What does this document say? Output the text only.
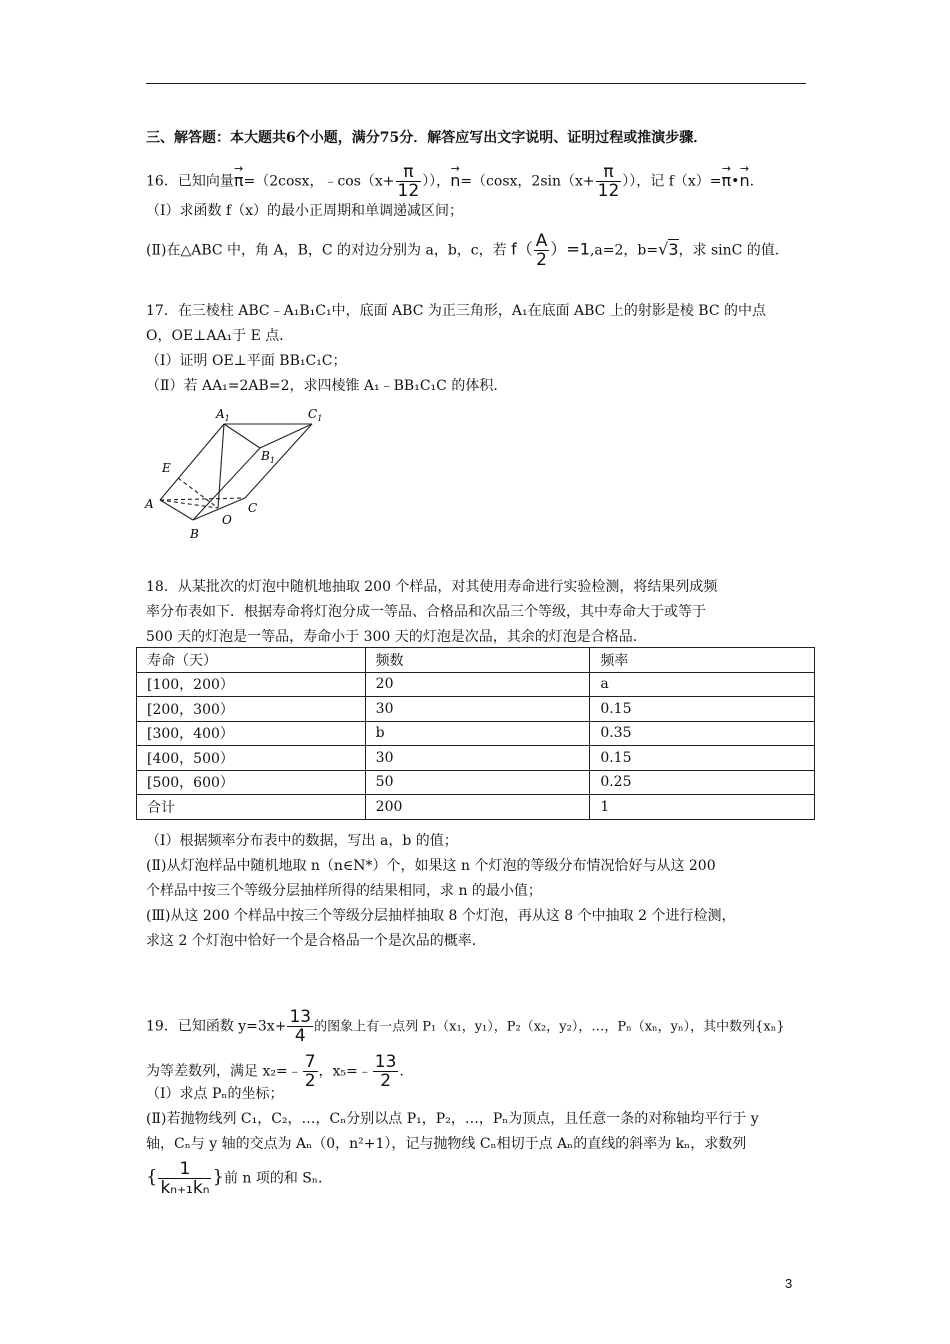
三、解答题：本大题共6个小题，满分75分．解答应写出文字说明、证明过程或推演步骤．
16．已知向量→ π=（2cosx，﹣cos（x+ $\frac{\pi}{12}$ ）），→ n=（cosx，$2\sin(x+ \frac{\pi}{12}$ ）），记 f（x）=→ π•→ n.
（Ⅰ）求函数 f（x）的最小正周期和单调递减区间；
(Ⅱ)在△ABC 中，角 A，B，C 的对边分别为 a，b，c，若 $f( \frac{A}{2} )=1,a=2$，b=√3，求 sinC 的值.
17．在三棱柱 ABC﹣A₁B₁C₁中，底面 ABC 为正三角形，A₁在底面 ABC 上的射影是棱 BC 的中点
O，OE⊥AA₁于 E 点．
（Ⅰ）证明 OE⊥平面 BB₁C₁C；
（Ⅱ）若 AA₁=2AB=2，求四棱锥 A₁﹣BB₁C₁C 的体积．
$A_1$	$C_1$
$B_1$
E
A
O
C
B
18．从某批次的灯泡中随机地抽取 200 个样品，对其使用寿命进行实验检测，将结果列成频
率分布表如下．根据寿命将灯泡分成一等品、合格品和次品三个等级，其中寿命大于或等于
500 天的灯泡是一等品，寿命小于 300 天的灯泡是次品，其余的灯泡是合格品．
寿命（天）	频数	频率
[100，200）	20	a
[200，300）	30	0.15
[300，400）	b	0.35
[400，500）	30	0.15
[500，600）	50	0.25
合计	200	1
（Ⅰ）根据频率分布表中的数据，写出 a，b 的值；
(Ⅱ)从灯泡样品中随机地取 n（n∈N*）个，如果这 n 个灯泡的等级分布情况恰好与从这 200
个样品中按三个等级分层抽样所得的结果相同，求 n 的最小值；
(Ⅲ)从这 200 个样品中按三个等级分层抽样抽取 8 个灯泡，再从这 8 个中抽取 2 个进行检测，
求这 2 个灯泡中恰好一个是合格品一个是次品的概率．
19．已知函数 $y=3x+ \frac{13}{4}$ 的图象上有一点列 P₁（x₁，y₁），P₂（x₂，y₂），…，Pₙ（xₙ，yₙ），其中数列{xₙ}
为等差数列，满足 x₂=﹣ $\frac{7}{2}$ ，x₅=﹣ $\frac{13}{2}$ .
（Ⅰ）求点 Pₙ的坐标；
(Ⅱ)若抛物线列 C₁，C₂，…，Cₙ分别以点 P₁，P₂，…，Pₙ为顶点，且任意一条的对称轴均平行于 y
轴，Cₙ与 y 轴的交点为 Aₙ（0，n²+1），记与抛物线 Cₙ相切于点 Aₙ的直线的斜率为 kₙ，求数列
{ $\frac{1}{\text{kₙ₊₁kₙ}}$ }前 n 项的和 Sₙ.
3
